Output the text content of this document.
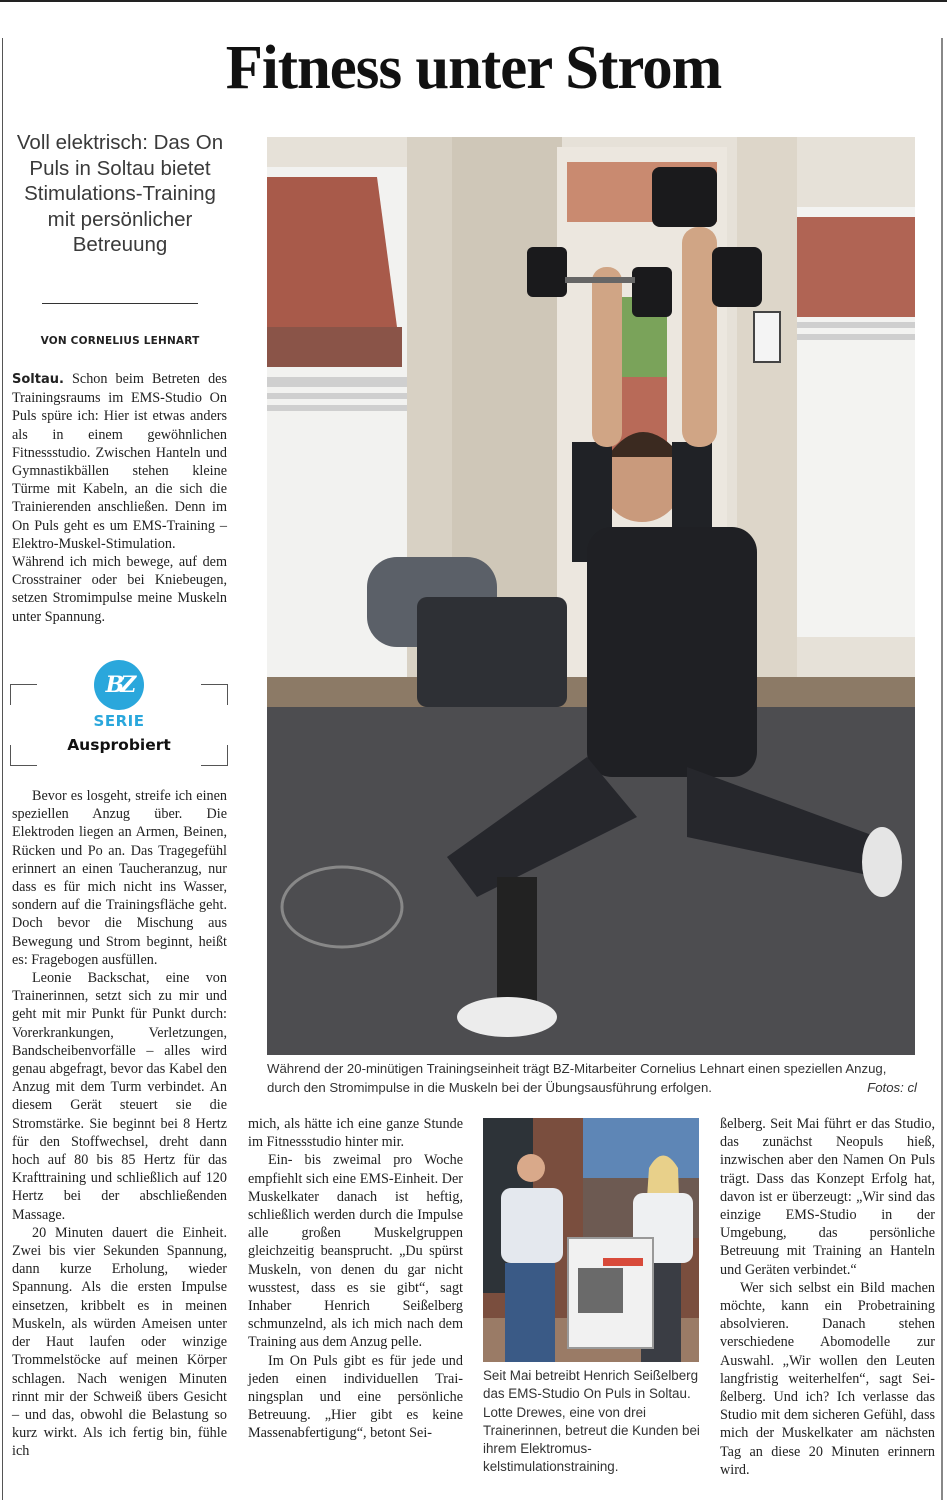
Fitness unter Strom
Voll elektrisch: Das On Puls in Soltau bietet Stimulations-Training mit persönlicher Betreuung
VON CORNELIUS LEHNART

Soltau. Schon beim Betreten des Trainingsraums im EMS-Studio On Puls spüre ich: Hier ist etwas anders als in einem gewöhnlichen Fitnessstudio. Zwischen Hanteln und Gymnastikbällen stehen kleine Türme mit Kabeln, an die sich die Trainierenden anschließen. Denn im On Puls geht es um EMS-Training – Elektro-Muskel-Stimulation. Während ich mich bewege, auf dem Crosstrainer oder bei Kniebeugen, setzen Stromimpulse meine Muskeln unter Spannung.

BZ
SERIE
Ausprobiert

Bevor es losgeht, streife ich einen speziellen Anzug über. Die Elektroden liegen an Armen, Beinen, Rücken und Po an. Das Tragegefühl erinnert an einen Taucheranzug, nur dass es für mich nicht ins Wasser, sondern auf die Trainingsfläche geht. Doch bevor die Mischung aus Bewegung und Strom beginnt, heißt es: Fragebogen ausfüllen.

Leonie Backschat, eine von Trainerinnen, setzt sich zu mir und geht mit mir Punkt für Punkt durch: Vorerkrankungen, Verletzungen, Bandscheibenvorfälle – alles wird genau abgefragt, bevor das Kabel den Anzug mit dem Turm verbindet. An diesem Gerät steuert sie die Stromstärke. Sie beginnt bei 8 Hertz für den Stoffwechsel, dreht dann hoch auf 80 bis 85 Hertz für das Krafttraining und schließlich auf 120 Hertz bei der abschließenden Massage.

20 Minuten dauert die Einheit. Zwei bis vier Sekunden Spannung, dann kurze Erholung, wieder Spannung. Als die ersten Impulse einsetzen, kribbelt es in meinen Muskeln, als würden Ameisen unter der Haut laufen oder winzige Trommelstöcke auf meinen Körper schlagen. Nach wenigen Minuten rinnt mir der Schweiß übers Gesicht – und das, obwohl die Belastung so kurz wirkt. Als ich fertig bin, fühle ich

Während der 20-minütigen Trainingseinheit trägt BZ-Mitarbeiter Cornelius Lehnart einen speziellen Anzug, durch den Stromimpulse in die Muskeln bei der Übungsausführung erfolgen.	Fotos: cl

mich, als hätte ich eine ganze Stunde im Fitnessstudio hinter mir.

Ein- bis zweimal pro Woche empfiehlt sich eine EMS-Einheit. Der Muskelkater danach ist heftig, schließlich werden durch die Impulse alle großen Muskelgruppen gleichzeitig beansprucht. „Du spürst Muskeln, von denen du gar nicht wusstest, dass es sie gibt“, sagt Inhaber Henrich Seißelberg schmunzelnd, als ich mich nach dem Training aus dem Anzug pelle.

Im On Puls gibt es für jede und jeden einen individuellen Trainingsplan und eine persönliche Betreuung. „Hier gibt es keine Massenabfertigung“, betont Sei-

Seit Mai betreibt Henrich Seißelberg das EMS-Studio On Puls in Soltau. Lotte Drewes, eine von drei Trainerinnen, betreut die Kunden bei ihrem Elektromuskelstimulationstraining.

ßelberg. Seit Mai führt er das Studio, das zunächst Neopuls hieß, inzwischen aber den Namen On Puls trägt. Dass das Konzept Erfolg hat, davon ist er überzeugt: „Wir sind das einzige EMS-Studio in der Umgebung, das persönliche Betreuung mit Training an Hanteln und Geräten verbindet.“

Wer sich selbst ein Bild machen möchte, kann ein Probetraining absolvieren. Danach stehen verschiedene Abomodelle zur Auswahl. „Wir wollen den Leuten langfristig weiterhelfen“, sagt Seißelberg. Und ich? Ich verlasse das Studio mit dem sicheren Gefühl, dass mich der Muskelkater am nächsten Tag an diese 20 Minuten erinnern wird.
